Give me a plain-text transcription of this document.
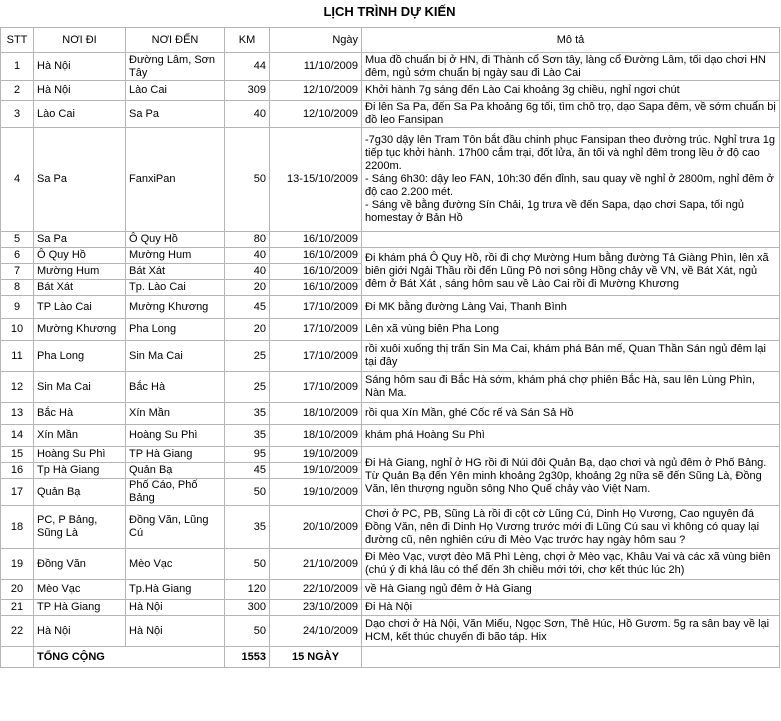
LỊCH TRÌNH DỰ KIẾN
STT	NƠI ĐI	NƠI ĐẾN	KM	Ngày	Mô tả
1	Hà Nội	Đường Lâm, Sơn Tây	44	11/10/2009	Mua đồ chuẩn bị ở HN, đi Thành cổ Sơn tây, làng cổ Đường Lâm, tối dạo chơi HN đêm, ngủ sớm chuẩn bị ngày sau đi Lào Cai

2	Hà Nội	Lào Cai	309	12/10/2009	Khởi hành 7g sáng đến Lào Cai khoảng 3g chiều, nghỉ ngơi chút

3	Lào Cai	Sa Pa	40	12/10/2009	Đi lên Sa Pa, đến Sa Pa khoảng 6g tối, tìm chỗ trọ, dạo Sapa đêm, về sớm chuẩn bị đồ leo Fansipan

4	Sa Pa	FanxiPan	50	13-15/10/2009	-7g30 dậy lên Tram Tôn bắt đầu chinh phục Fansipan theo đường trúc. Nghỉ trưa 1g tiếp tục khởi hành. 17h00 cắm trại, đốt lửa, ăn tối và nghỉ đêm trong lều ở độ cao 2200m.
- Sáng 6h30: dậy leo FAN, 10h:30 đến đỉnh, sau quay về nghỉ ở 2800m, nghỉ đêm ở độ cao 2.200 mét.
- Sáng về bằng đường Sín Chải, 1g trưa về đến Sapa, dạo chơi Sapa, tối ngủ homestay ở Bản Hồ

5	Sa Pa	Ô Quy Hồ	80	16/10/2009	
6	Ô Quy Hồ	Mường Hum	40	16/10/2009	Đi khám phá Ô Quy Hồ, rồi đi chợ Mường Hum bằng đường Tả Giàng Phìn, lên xã biên giới Ngải Thầu rồi đến Lũng Pô nơi sông Hồng chảy về VN, về Bát Xát, ngủ đêm ở Bát Xát , sáng hôm sau về Lào Cai rồi đi Mường Khương

7	Mường Hum	Bát Xát	40	16/10/2009	
8	Bát Xát	Tp. Lào Cai	20	16/10/2009	
9	TP Lào Cai	Mường Khương	45	17/10/2009	Đi MK bằng đường Làng Vai, Thanh Bình

10	Mường Khương	Pha Long	20	17/10/2009	Lên xã vùng biên Pha Long

11	Pha Long	Sin Ma Cai	25	17/10/2009	rồi xuôi xuống thị trấn Sin Ma Cai, khám phá Bản mế, Quan Thần Sán ngủ đêm lại tại đây

12	Sin Ma Cai	Bắc Hà	25	17/10/2009	Sáng hôm sau đi Bắc Hà sớm, khám phá chợ phiên Bắc Hà, sau lên Lùng Phìn, Nàn Ma.

13	Bắc Hà	Xín Mần	35	18/10/2009	rồi qua Xín Mần, ghé Cốc rế và Sán Sả Hồ

14	Xín Mần	Hoàng Su Phì	35	18/10/2009	khám phá Hoàng Su Phì

15	Hoàng Su Phì	TP Hà Giang	95	19/10/2009	Đi Hà Giang, nghỉ ở HG rồi đi Núi đôi Quản Bạ, dạo chơi và ngủ đêm ở Phố Bảng. Từ Quản Bạ đến Yên minh khoảng 2g30p, khoảng 2g nữa sẽ đến Sũng Là, Đồng Văn, lên thượng nguồn sông Nho Quế chảy vào Việt Nam.

16	Tp Hà Giang	Quản Bạ	45	19/10/2009	
17	Quản Bạ	Phố Cáo, Phố Bảng	50	19/10/2009	
18	PC, P Bảng, Sũng Là	Đồng Văn, Lũng Cú	35	20/10/2009	Chơi ở PC, PB, Sũng Là rồi đi cột cờ Lũng Cú, Dinh Họ Vương, Cao nguyên đá Đồng Văn, nên đi Dinh Họ Vương trước mới đi Lũng Cú sau vì không có quay lại đường cũ, nên nghiên cứu đi Mèo Vạc trước hay ngày hôm sau ?

19	Đồng Văn	Mèo Vạc	50	21/10/2009	Đi Mèo Vạc, vượt đèo Mã Phì Lèng, chợi ở Mèo vạc, Khâu Vai và các xã vùng biên (chú ý đi khá lâu có thể đến 3h chiều mới tới, chơ kết thúc lúc 2h)

20	Mèo Vạc	Tp.Hà Giang	120	22/10/2009	về Hà Giang ngủ đêm ở Hà Giang

21	TP Hà Giang	Hà Nội	300	23/10/2009	Đi Hà Nội

22	Hà Nội	Hà Nội	50	24/10/2009	Dạo chơi ở Hà Nội, Văn Miếu, Ngọc Sơn, Thê Húc, Hồ Gươm. 5g ra sân bay về lại HCM, kết thúc chuyến đi bão táp. Hix

	TỔNG CỘNG		1553	15 NGÀY	
